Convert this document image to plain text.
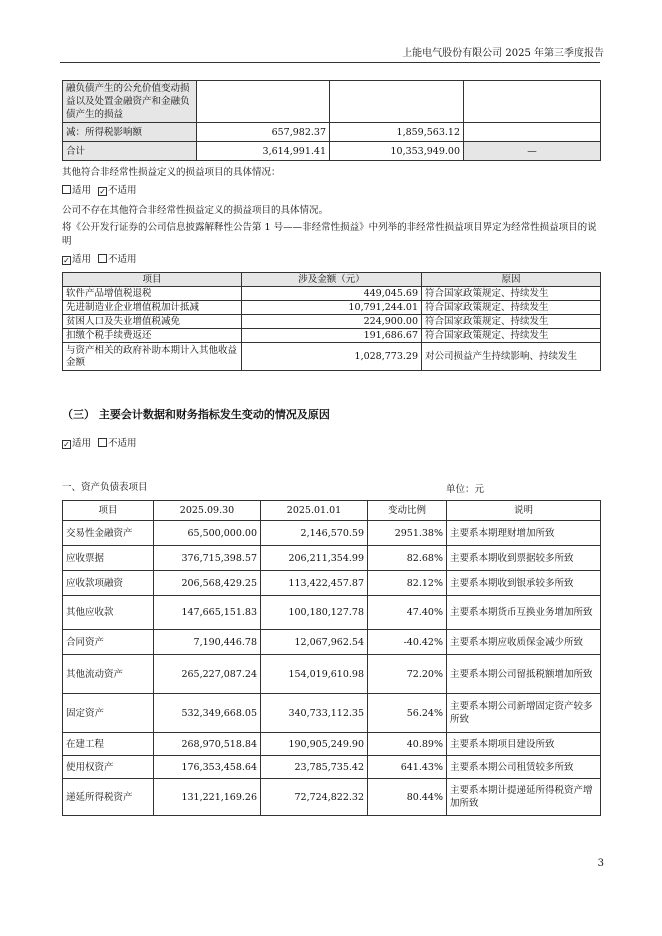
上能电气股份有限公司 2025 年第三季度报告
融负债产生的公允价值变动损益以及处置金融资产和金融负债产生的损益			
减：所得税影响额	657,982.37	1,859,563.12	
合计	3,614,991.41	10,353,949.00	—
其他符合非经常性损益定义的损益项目的具体情况：
适用 ✓ 不适用
公司不存在其他符合非经常性损益定义的损益项目的具体情况。
将《公开发行证券的公司信息披露解释性公告第 1 号——非经常性损益》中列举的非经常性损益项目界定为经常性损益项目的说明
✓ 适用 不适用
项目	涉及金额（元）	原因
软件产品增值税退税	449,045.69	符合国家政策规定、持续发生
先进制造业企业增值税加计抵减	10,791,244.01	符合国家政策规定、持续发生
贫困人口及失业增值税减免	224,900.00	符合国家政策规定、持续发生
扣缴个税手续费返还	191,686.67	符合国家政策规定、持续发生
与资产相关的政府补助本期计入其他收益金额	1,028,773.29	对公司损益产生持续影响、持续发生
（三） 主要会计数据和财务指标发生变动的情况及原因
✓ 适用 不适用
一、资产负债表项目	单位：元
项目	2025.09.30	2025.01.01	变动比例	说明
交易性金融资产	65,500,000.00	2,146,570.59	2951.38%	主要系本期理财增加所致
应收票据	376,715,398.57	206,211,354.99	82.68%	主要系本期收到票据较多所致
应收款项融资	206,568,429.25	113,422,457.87	82.12%	主要系本期收到银承较多所致
其他应收款	147,665,151.83	100,180,127.78	47.40%	主要系本期货币互换业务增加所致
合同资产	7,190,446.78	12,067,962.54	-40.42%	主要系本期应收质保金减少所致
其他流动资产	265,227,087.24	154,019,610.98	72.20%	主要系本期公司留抵税额增加所致
固定资产	532,349,668.05	340,733,112.35	56.24%	主要系本期公司新增固定资产较多所致
在建工程	268,970,518.84	190,905,249.90	40.89%	主要系本期项目建设所致
使用权资产	176,353,458.64	23,785,735.42	641.43%	主要系本期公司租赁较多所致
递延所得税资产	131,221,169.26	72,724,822.32	80.44%	主要系本期计提递延所得税资产增加所致
3
